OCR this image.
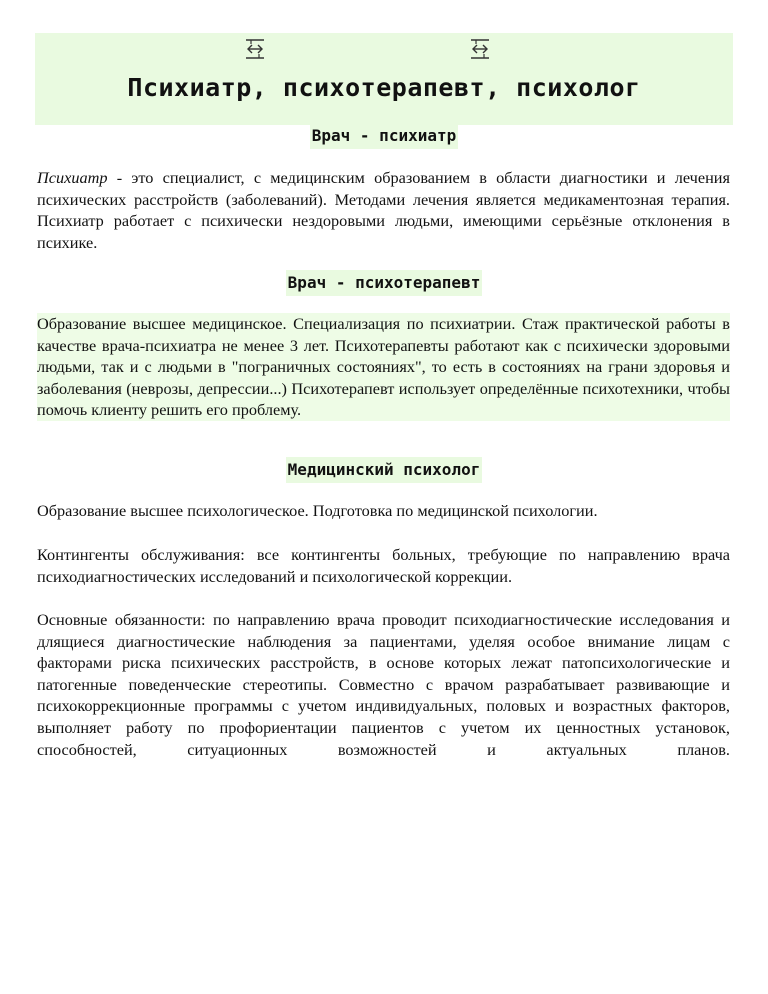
Психиатр, психотерапевт, психолог
Врач - психиатр

Психиатр - это специалист, с медицинским образованием в области диагностики и лечения психических расстройств (заболеваний). Методами лечения является медикаментозная терапия. Психиатр работает с психически нездоровыми людьми, имеющими серьёзные отклонения в психике.

Врач - психотерапевт

Образование высшее медицинское. Специализация по психиатрии. Стаж практической работы в качестве врача-психиатра не менее 3 лет. Психотерапевты работают как с психически здоровыми людьми, так и с людьми в "пограничных состояниях", то есть в состояниях на грани здоровья и заболевания (неврозы, депрессии...) Психотерапевт использует определённые психотехники, чтобы помочь клиенту решить его проблему.

Медицинский психолог

Образование высшее психологическое. Подготовка по медицинской психологии.

Контингенты обслуживания: все контингенты больных, требующие по направлению врача психодиагностических исследований и психологической коррекции.

Основные обязанности: по направлению врача проводит психодиагностические исследования и длящиеся диагностические наблюдения за пациентами, уделяя особое внимание лицам с факторами риска психических расстройств, в основе которых лежат патопсихологические и патогенные поведенческие стереотипы. Совместно с врачом разрабатывает развивающие и психокоррекционные программы с учетом индивидуальных, половых и возрастных факторов, выполняет работу по профориентации пациентов с учетом их ценностных установок, способностей, ситуационных возможностей и актуальных планов.
